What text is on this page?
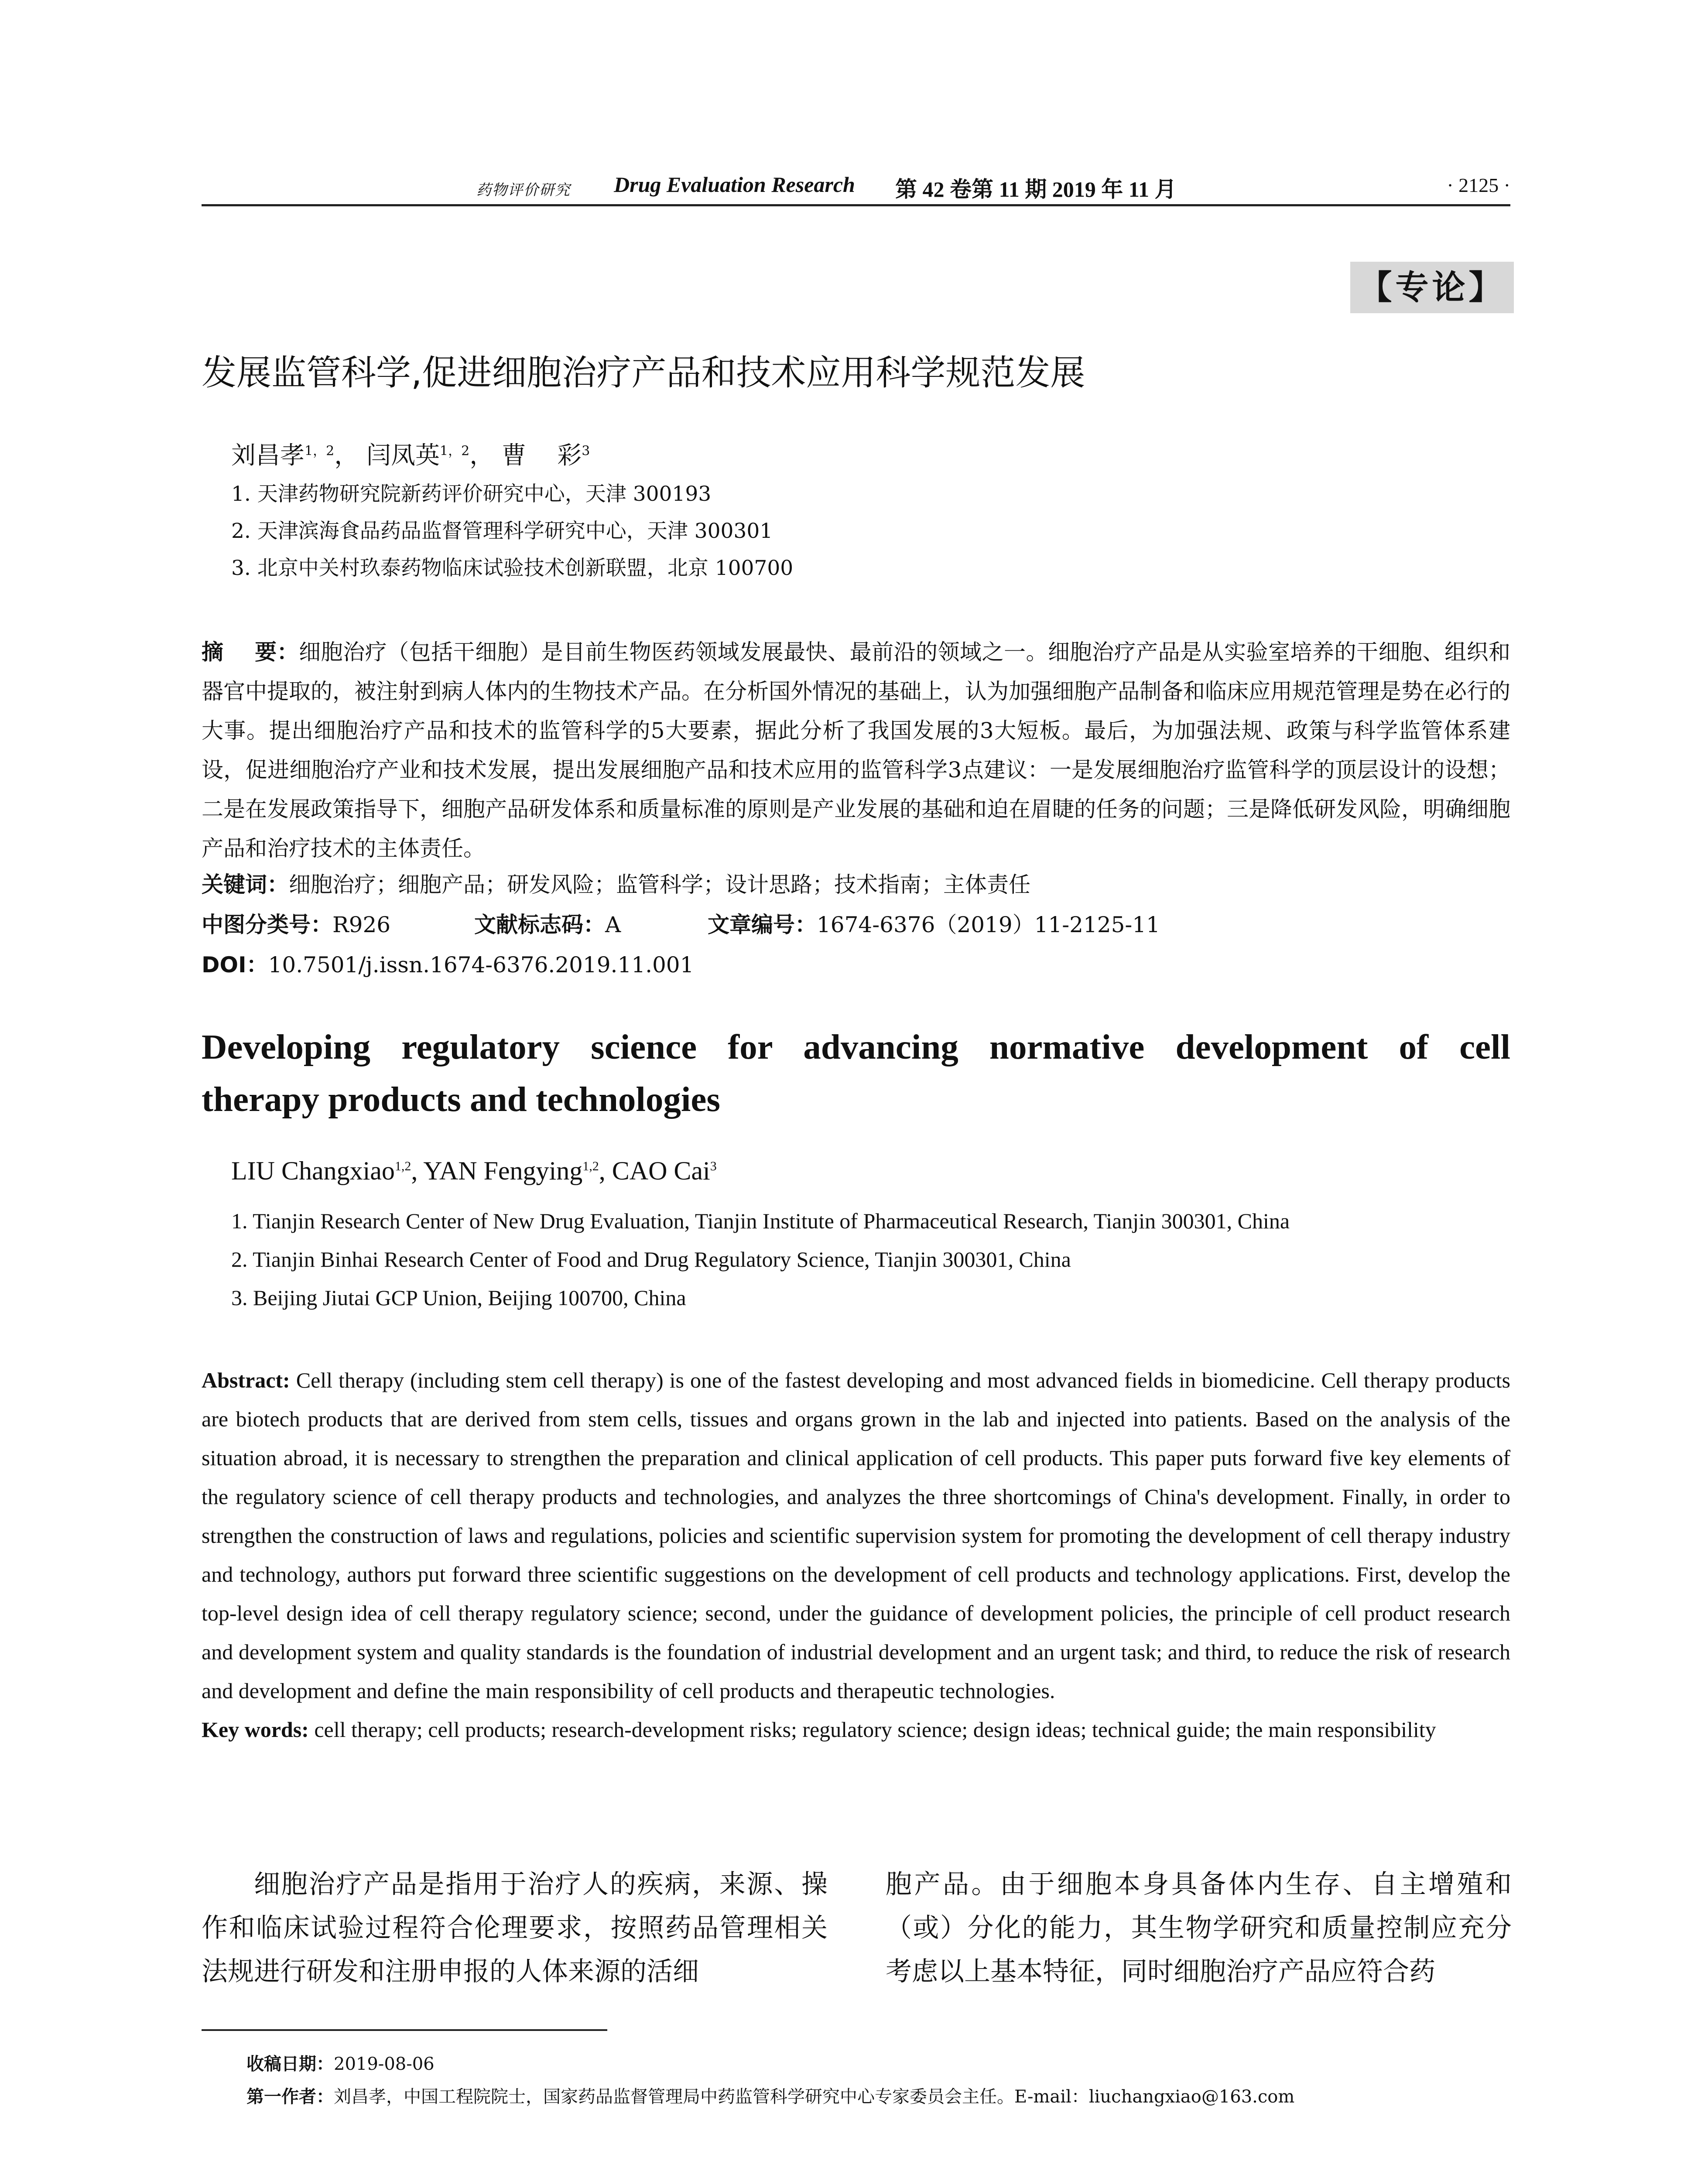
药物评价研究 Drug Evaluation Research 第 42 卷第 11 期 2019 年 11 月	· 2125 ·
【专论】
发展监管科学,促进细胞治疗产品和技术应用科学规范发展
刘昌孝$^{1,2}$， 闫凤英$^{1,2}$， 曹    彩$^3$
1. 天津药物研究院新药评价研究中心，天津 300193
2. 天津滨海食品药品监督管理科学研究中心，天津 300301
3. 北京中关村玖泰药物临床试验技术创新联盟，北京 100700
摘    要：细胞治疗（包括干细胞）是目前生物医药领域发展最快、最前沿的领域之一。细胞治疗产品是从实验室培养的干细胞、组织和器官中提取的，被注射到病人体内的生物技术产品。在分析国外情况的基础上，认为加强细胞产品制备和临床应用规范管理是势在必行的大事。提出细胞治疗产品和技术的监管科学的5大要素，据此分析了我国发展的3大短板。最后，为加强法规、政策与科学监管体系建设，促进细胞治疗产业和技术发展，提出发展细胞产品和技术应用的监管科学3点建议：一是发展细胞治疗监管科学的顶层设计的设想；二是在发展政策指导下，细胞产品研发体系和质量标准的原则是产业发展的基础和迫在眉睫的任务的问题；三是降低研发风险，明确细胞产品和治疗技术的主体责任。
关键词：细胞治疗；细胞产品；研发风险；监管科学；设计思路；技术指南；主体责任
中图分类号：R926	文献标志码：A	文章编号：1674-6376（2019）11-2125-11
DOI：10.7501/j.issn.1674-6376.2019.11.001
Developing regulatory science for advancing normative development of cell
therapy products and technologies
LIU Changxiao$^{1,2}$, YAN Fengying$^{1,2}$, CAO Cai$^3$
1. Tianjin Research Center of New Drug Evaluation, Tianjin Institute of Pharmaceutical Research, Tianjin 300301, China
2. Tianjin Binhai Research Center of Food and Drug Regulatory Science, Tianjin 300301, China
3. Beijing Jiutai GCP Union, Beijing 100700, China
Abstract: Cell therapy (including stem cell therapy) is one of the fastest developing and most advanced fields in biomedicine. Cell therapy products are biotech products that are derived from stem cells, tissues and organs grown in the lab and injected into patients. Based on the analysis of the situation abroad, it is necessary to strengthen the preparation and clinical application of cell products. This paper puts forward five key elements of the regulatory science of cell therapy products and technologies, and analyzes the three shortcomings of China's development. Finally, in order to strengthen the construction of laws and regulations, policies and scientific supervision system for promoting the development of cell therapy industry and technology, authors put forward three scientific suggestions on the development of cell products and technology applications. First, develop the top-level design idea of cell therapy regulatory science; second, under the guidance of development policies, the principle of cell product research and development system and quality standards is the foundation of industrial development and an urgent task; and third, to reduce the risk of research and development and define the main responsibility of cell products and therapeutic technologies.
Key words: cell therapy; cell products; research-development risks; regulatory science; design ideas; technical guide; the main responsibility
细胞治疗产品是指用于治疗人的疾病，来源、操作和临床试验过程符合伦理要求，按照药品管理相关法规进行研发和注册申报的人体来源的活细
胞产品。由于细胞本身具备体内生存、自主增殖和（或）分化的能力，其生物学研究和质量控制应充分考虑以上基本特征，同时细胞治疗产品应符合药
收稿日期：2019-08-06
第一作者：刘昌孝，中国工程院院士，国家药品监督管理局中药监管科学研究中心专家委员会主任。E-mail：liuchangxiao@163.com
